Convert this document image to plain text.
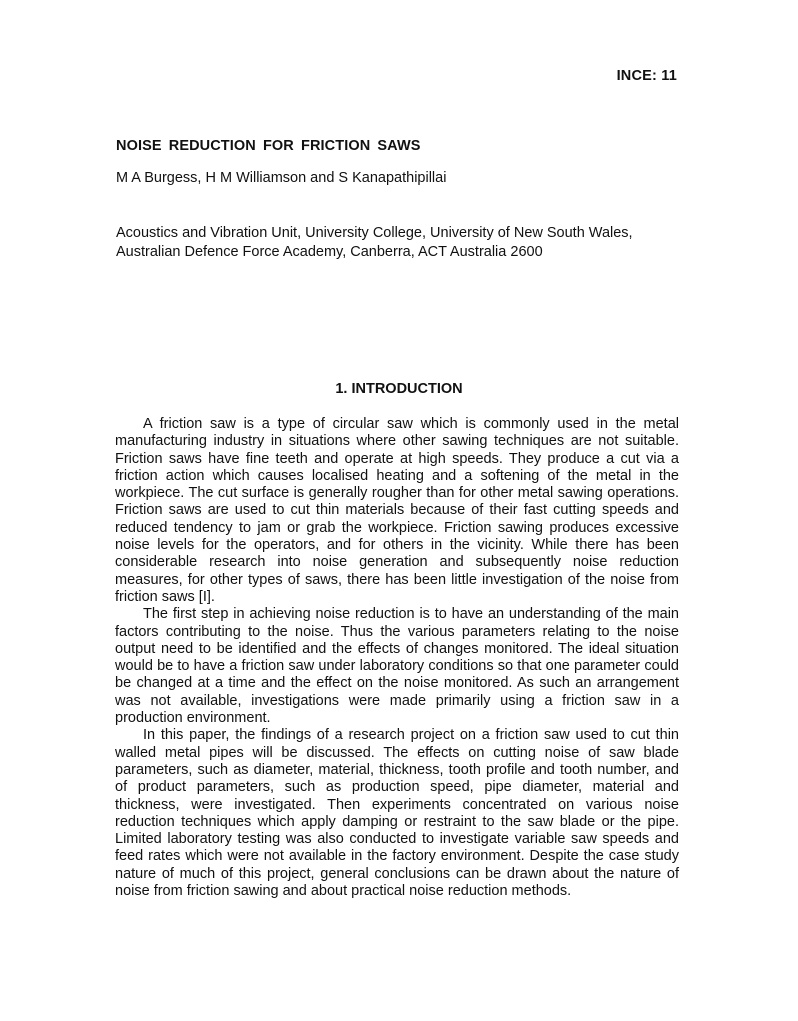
INCE: 11
NOISE REDUCTION FOR FRICTION SAWS
M A Burgess, H M Williamson and S Kanapathipillai
Acoustics and Vibration Unit, University College, University of New South Wales, Australian Defence Force Academy, Canberra, ACT Australia 2600
1. INTRODUCTION

A friction saw is a type of circular saw which is commonly used in the metal manufacturing industry in situations where other sawing techniques are not suitable. Friction saws have fine teeth and operate at high speeds. They produce a cut via a friction action which causes localised heating and a softening of the metal in the workpiece. The cut surface is generally rougher than for other metal sawing operations. Friction saws are used to cut thin materials because of their fast cutting speeds and reduced tendency to jam or grab the workpiece. Friction sawing produces excessive noise levels for the operators, and for others in the vicinity. While there has been considerable research into noise generation and subsequently noise reduction measures, for other types of saws, there has been little investigation of the noise from friction saws [I].

The first step in achieving noise reduction is to have an understanding of the main factors contributing to the noise. Thus the various parameters relating to the noise output need to be identified and the effects of changes monitored. The ideal situation would be to have a friction saw under laboratory conditions so that one parameter could be changed at a time and the effect on the noise monitored. As such an arrangement was not available, investigations were made primarily using a friction saw in a production environment.

In this paper, the findings of a research project on a friction saw used to cut thin walled metal pipes will be discussed. The effects on cutting noise of saw blade parameters, such as diameter, material, thickness, tooth profile and tooth number, and of product parameters, such as production speed, pipe diameter, material and thickness, were investigated. Then experiments concentrated on various noise reduction techniques which apply damping or restraint to the saw blade or the pipe. Limited laboratory testing was also conducted to investigate variable saw speeds and feed rates which were not available in the factory environment. Despite the case study nature of much of this project, general conclusions can be drawn about the nature of noise from friction sawing and about practical noise reduction methods.
